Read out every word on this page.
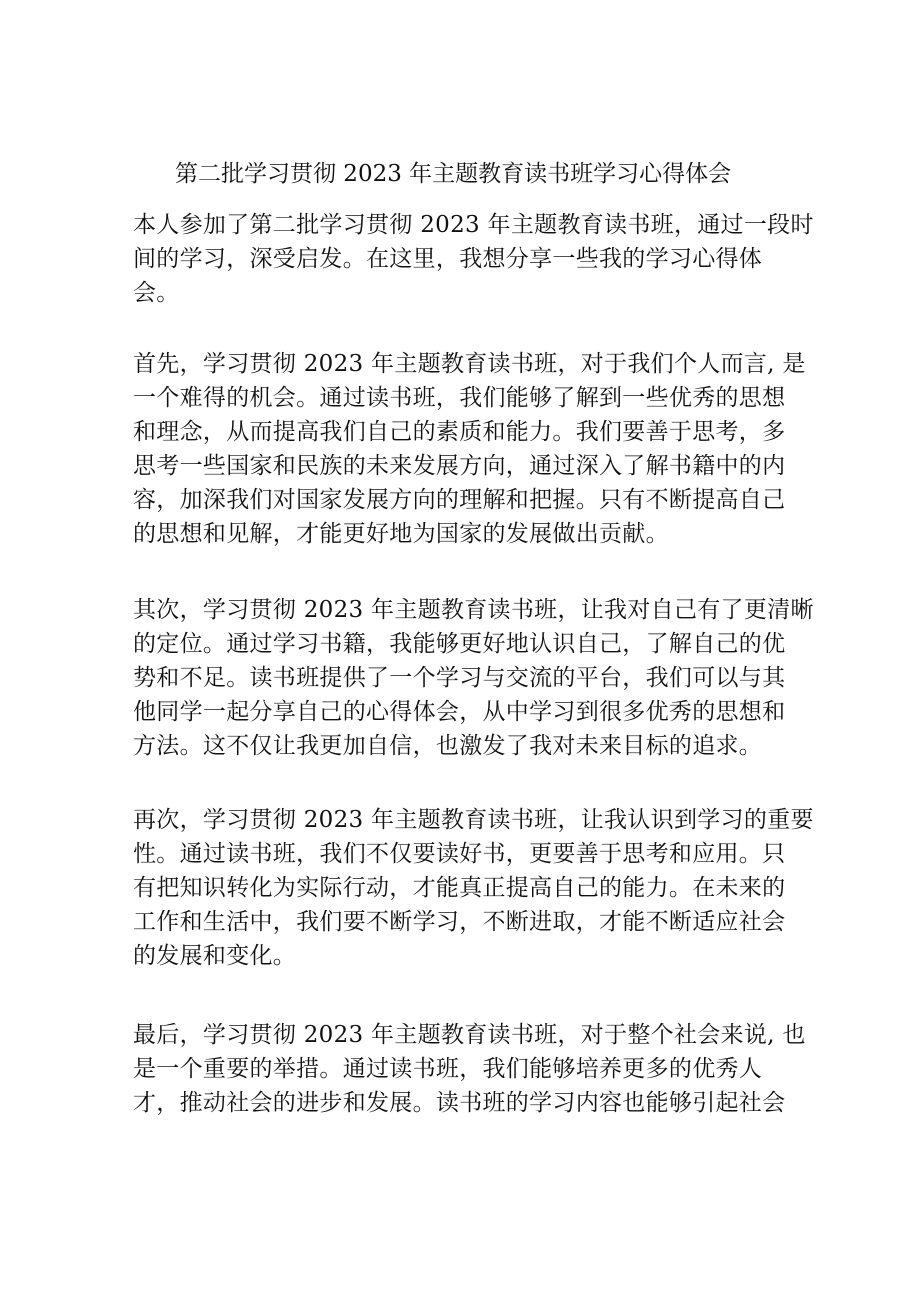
第二批学习贯彻 2023 年主题教育读书班学习心得体会
本人参加了第二批学习贯彻 2023 年主题教育读书班，通过一段时
间的学习，深受启发。在这里，我想分享一些我的学习心得体
会。
首先，学习贯彻 2023 年主题教育读书班，对于我们个人而言, 是
一个难得的机会。通过读书班，我们能够了解到一些优秀的思想
和理念，从而提高我们自己的素质和能力。我们要善于思考，多
思考一些国家和民族的未来发展方向，通过深入了解书籍中的内
容，加深我们对国家发展方向的理解和把握。只有不断提高自己
的思想和见解，才能更好地为国家的发展做出贡献。
其次，学习贯彻 2023 年主题教育读书班，让我对自己有了更清晰
的定位。通过学习书籍，我能够更好地认识自己，了解自己的优
势和不足。读书班提供了一个学习与交流的平台，我们可以与其
他同学一起分享自己的心得体会，从中学习到很多优秀的思想和
方法。这不仅让我更加自信，也激发了我对未来目标的追求。
再次，学习贯彻 2023 年主题教育读书班，让我认识到学习的重要
性。通过读书班，我们不仅要读好书，更要善于思考和应用。只
有把知识转化为实际行动，才能真正提高自己的能力。在未来的
工作和生活中，我们要不断学习，不断进取，才能不断适应社会
的发展和变化。
最后，学习贯彻 2023 年主题教育读书班，对于整个社会来说, 也
是一个重要的举措。通过读书班，我们能够培养更多的优秀人
才，推动社会的进步和发展。读书班的学习内容也能够引起社会
